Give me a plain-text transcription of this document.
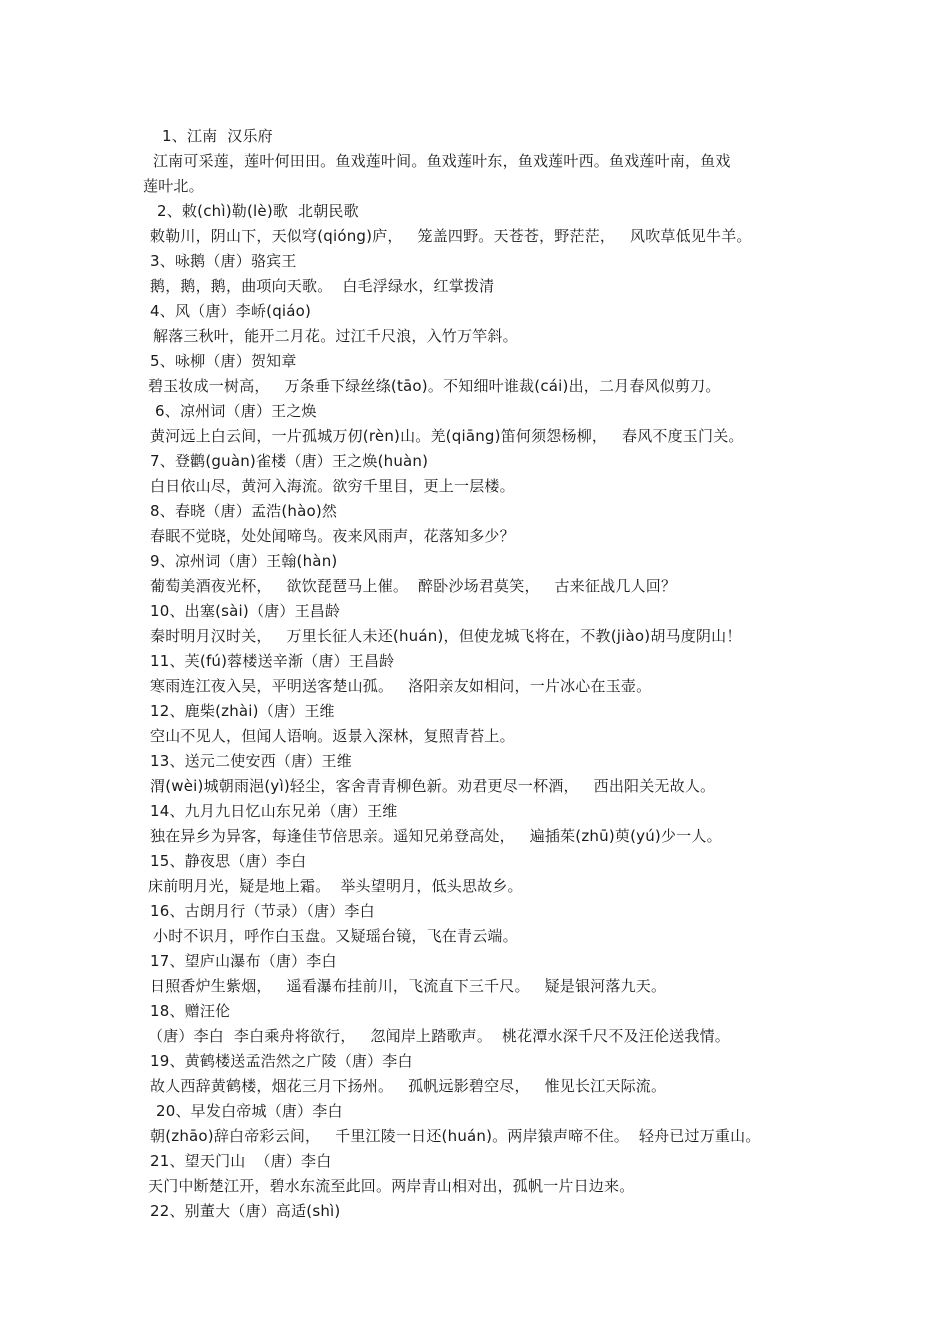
1、江南  汉乐府
江南可采莲，莲叶何田田。鱼戏莲叶间。鱼戏莲叶东，鱼戏莲叶西。鱼戏莲叶南，鱼戏
莲叶北。
2、敕(chì)勒(lè)歌  北朝民歌
敕勒川，阴山下，天似穹(qióng)庐，   笼盖四野。天苍苍，野茫茫，   风吹草低见牛羊。
3、咏鹅（唐）骆宾王
鹅，鹅，鹅，曲项向天歌。  白毛浮绿水，红掌拨清
4、风（唐）李峤(qiáo)
解落三秋叶，能开二月花。过江千尺浪，入竹万竿斜。
5、咏柳（唐）贺知章
碧玉妆成一树高，   万条垂下绿丝绦(tāo)。不知细叶谁裁(cái)出，二月春风似剪刀。
6、凉州词（唐）王之焕
黄河远上白云间，一片孤城万仞(rèn)山。羌(qiāng)笛何须怨杨柳，   春风不度玉门关。
7、登鹳(guàn)雀楼（唐）王之焕(huàn)
白日依山尽，黄河入海流。欲穷千里目，更上一层楼。
8、春晓（唐）孟浩(hào)然
春眠不觉晓，处处闻啼鸟。夜来风雨声，花落知多少？
9、凉州词（唐）王翰(hàn)
葡萄美酒夜光杯，   欲饮琵琶马上催。  醉卧沙场君莫笑，   古来征战几人回？
10、出塞(sài)（唐）王昌龄
秦时明月汉时关，   万里长征人未还(huán)，但使龙城飞将在，不教(jiào)胡马度阴山！
11、芙(fú)蓉楼送辛渐（唐）王昌龄
寒雨连江夜入吴，平明送客楚山孤。   洛阳亲友如相问，一片冰心在玉壶。
12、鹿柴(zhài)（唐）王维
空山不见人，但闻人语响。返景入深林，复照青苔上。
13、送元二使安西（唐）王维
渭(wèi)城朝雨浥(yì)轻尘，客舍青青柳色新。劝君更尽一杯酒，   西出阳关无故人。
14、九月九日忆山东兄弟（唐）王维
独在异乡为异客，每逢佳节倍思亲。遥知兄弟登高处，   遍插茱(zhū)萸(yú)少一人。
15、静夜思（唐）李白
床前明月光，疑是地上霜。  举头望明月，低头思故乡。
16、古朗月行（节录）（唐）李白
小时不识月，呼作白玉盘。又疑瑶台镜，飞在青云端。
17、望庐山瀑布（唐）李白
日照香炉生紫烟，   遥看瀑布挂前川，飞流直下三千尺。   疑是银河落九天。
18、赠汪伦
（唐）李白  李白乘舟将欲行，   忽闻岸上踏歌声。  桃花潭水深千尺不及汪伦送我情。
19、黄鹤楼送孟浩然之广陵（唐）李白
故人西辞黄鹤楼，烟花三月下扬州。   孤帆远影碧空尽，   惟见长江天际流。
20、早发白帝城（唐）李白
朝(zhāo)辞白帝彩云间，   千里江陵一日还(huán)。两岸猿声啼不住。  轻舟已过万重山。
21、望天门山  （唐）李白
天门中断楚江开，碧水东流至此回。两岸青山相对出，孤帆一片日边来。
22、别董大（唐）高适(shì)
